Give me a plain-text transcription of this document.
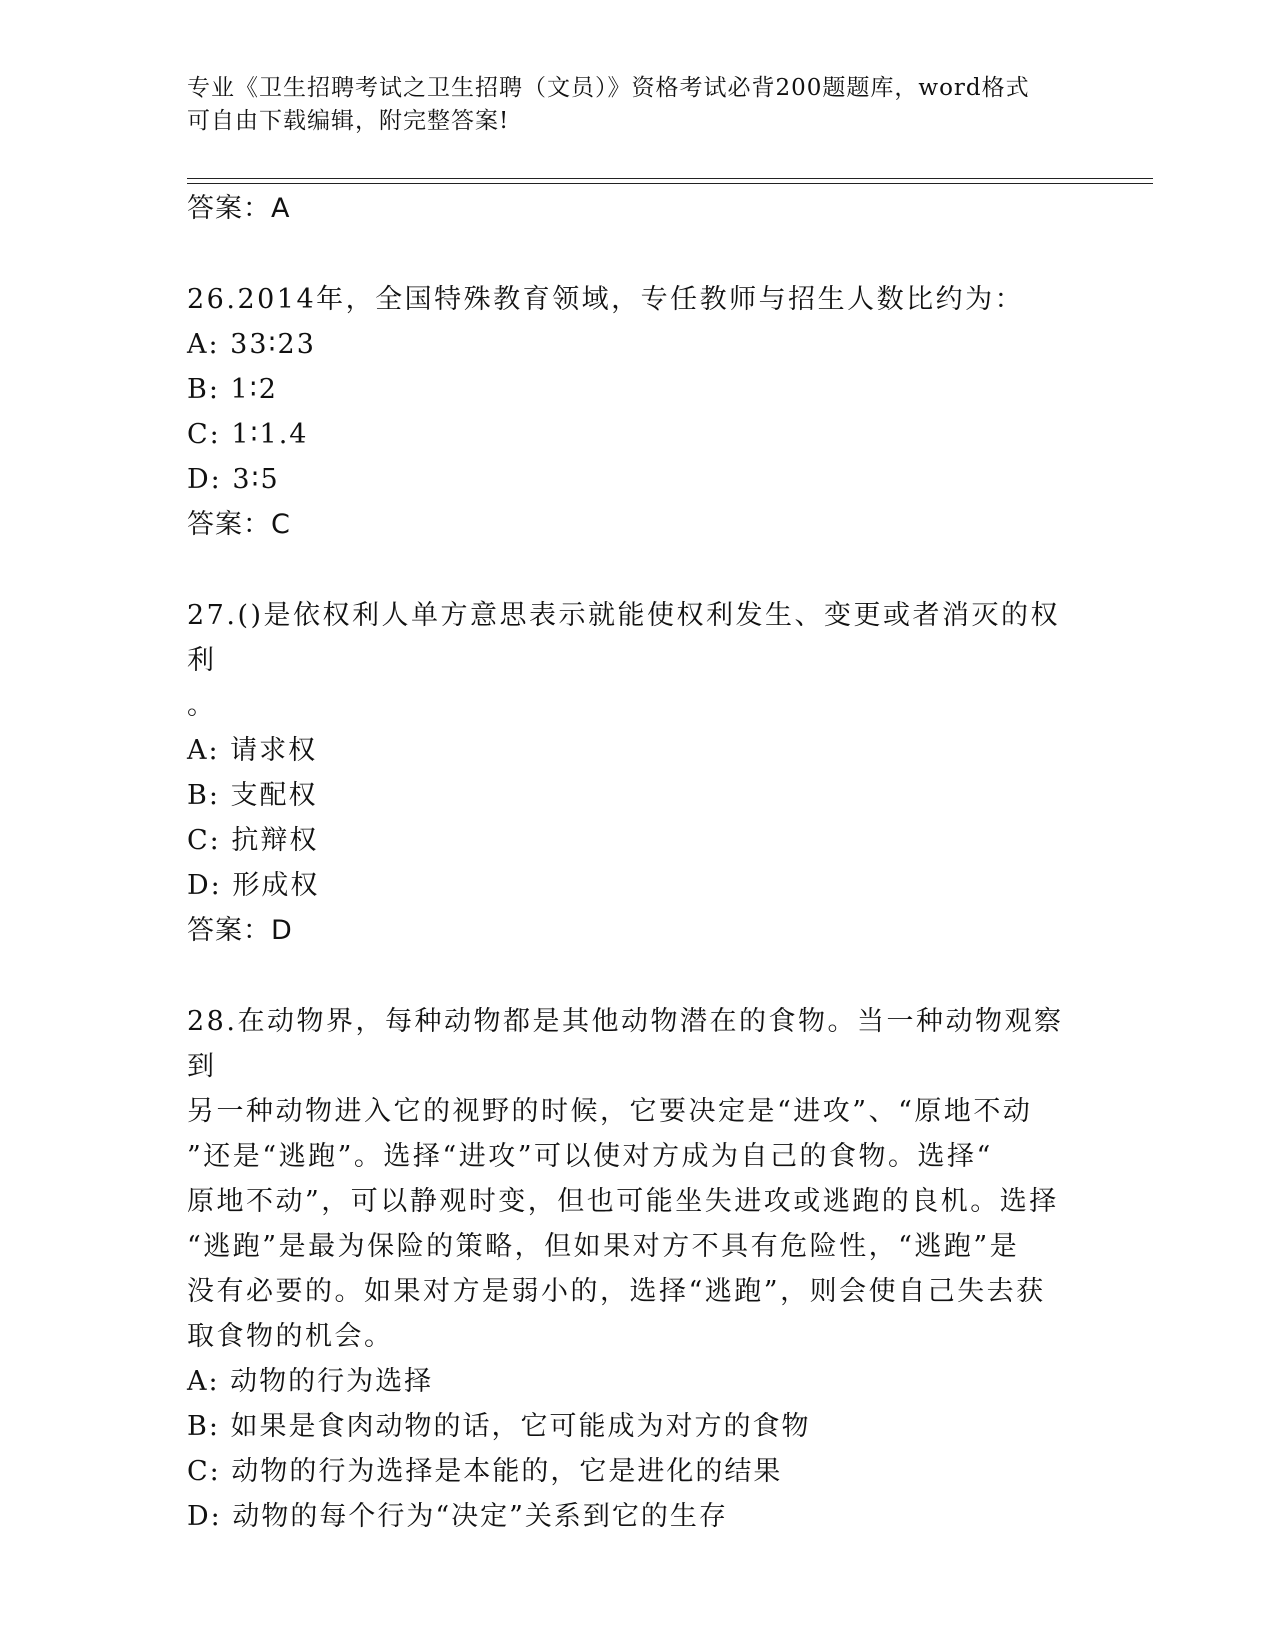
专业《卫生招聘考试之卫生招聘（文员）》资格考试必背200题题库，word格式
可自由下载编辑，附完整答案!
答案：A
26.2014年，全国特殊教育领域，专任教师与招生人数比约为：
A: 33∶23
B: 1∶2
C: 1∶1.4
D: 3∶5
答案：C
27.()是依权利人单方意思表示就能使权利发生、变更或者消灭的权利
。
A: 请求权
B: 支配权
C: 抗辩权
D: 形成权
答案：D
28.在动物界，每种动物都是其他动物潜在的食物。当一种动物观察到
另一种动物进入它的视野的时候，它要决定是“进攻”、“原地不动
”还是“逃跑”。选择“进攻”可以使对方成为自己的食物。选择“
原地不动”，可以静观时变，但也可能坐失进攻或逃跑的良机。选择
“逃跑”是最为保险的策略，但如果对方不具有危险性，“逃跑”是
没有必要的。如果对方是弱小的，选择“逃跑”，则会使自己失去获
取食物的机会。
A: 动物的行为选择
B: 如果是食肉动物的话，它可能成为对方的食物
C: 动物的行为选择是本能的，它是进化的结果
D: 动物的每个行为“决定”关系到它的生存
